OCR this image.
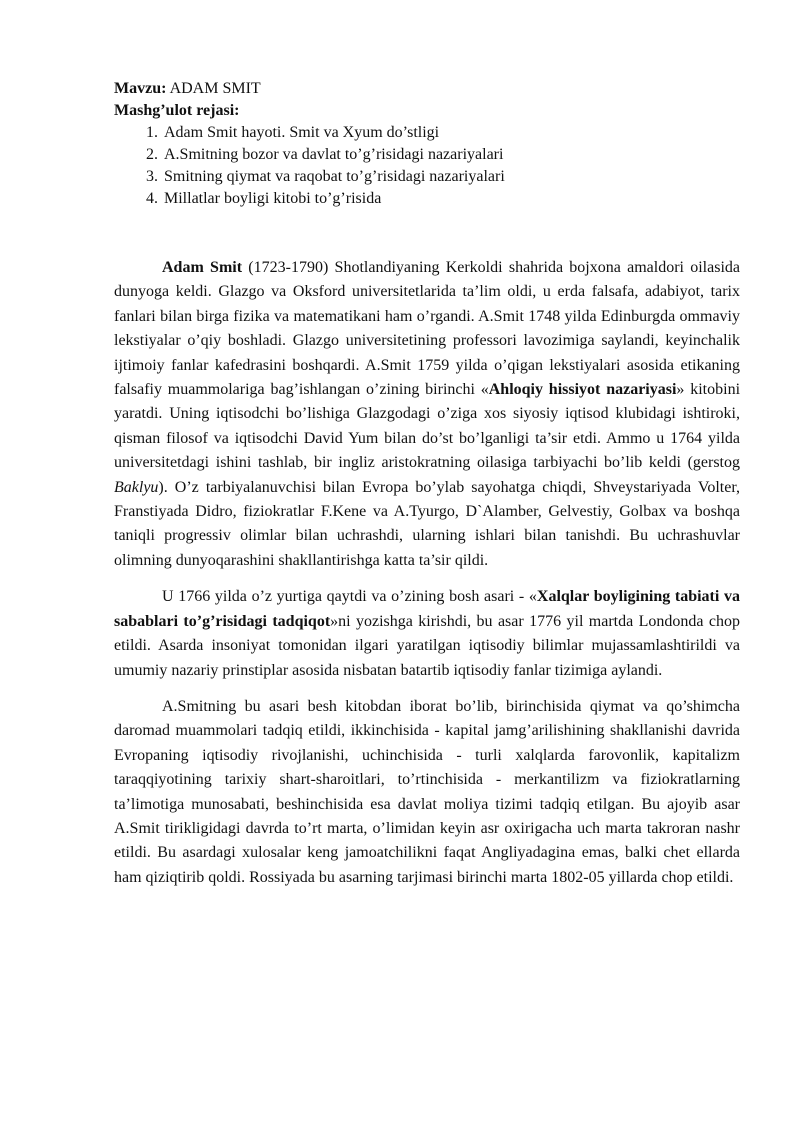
Mavzu: ADAM SMIT
Mashg’ulot rejasi:
1. Adam Smit hayoti. Smit va Xyum do’stligi
2. A.Smitning bozor va davlat to’g’risidagi nazariyalari
3. Smitning qiymat va raqobat to’g’risidagi nazariyalari
4. Millatlar boyligi kitobi to’g’risida

Adam Smit (1723-1790) Shotlandiyaning Kerkoldi shahrida bojxona amaldori oilasida dunyoga keldi. Glazgo va Oksford universitetlarida ta’lim oldi, u erda falsafa, adabiyot, tarix fanlari bilan birga fizika va matematikani ham o’rgandi. A.Smit 1748 yilda Edinburgda ommaviy lekstiyalar o’qiy boshladi. Glazgo universitetining professori lavozimiga saylandi, keyinchalik ijtimoiy fanlar kafedrasini boshqardi. A.Smit 1759 yilda o’qigan lekstiyalari asosida etikaning falsafiy muammolariga bag’ishlangan o’zining birinchi «Ahloqiy hissiyot nazariyasi» kitobini yaratdi. Uning iqtisodchi bo’lishiga Glazgodagi o’ziga xos siyosiy iqtisod klubidagi ishtiroki, qisman filosof va iqtisodchi David Yum bilan do’st bo’lganligi ta’sir etdi. Ammo u 1764 yilda universitetdagi ishini tashlab, bir ingliz aristokratning oilasiga tarbiyachi bo’lib keldi (gerstog Baklyu). O’z tarbiyalanuvchisi bilan Evropa bo’ylab sayohatga chiqdi, Shveystariyada Volter, Franstiyada Didro, fiziokratlar F.Kene va A.Tyurgo, D`Alamber, Gelvestiy, Golbax va boshqa taniqli progressiv olimlar bilan uchrashdi, ularning ishlari bilan tanishdi. Bu uchrashuvlar olimning dunyoqarashini shakllantirishga katta ta’sir qildi.

U 1766 yilda o’z yurtiga qaytdi va o’zining bosh asari - «Xalqlar boyligining tabiati va sabablari to’g’risidagi tadqiqot»ni yozishga kirishdi, bu asar 1776 yil martda Londonda chop etildi. Asarda insoniyat tomonidan ilgari yaratilgan iqtisodiy bilimlar mujassamlashtirildi va umumiy nazariy prinstiplar asosida nisbatan batartib iqtisodiy fanlar tizimiga aylandi.

A.Smitning bu asari besh kitobdan iborat bo’lib, birinchisida qiymat va qo’shimcha daromad muammolari tadqiq etildi, ikkinchisida - kapital jamg’arilishining shakllanishi davrida Evropaning iqtisodiy rivojlanishi, uchinchisida - turli xalqlarda farovonlik, kapitalizm taraqqiyotining tarixiy shart-sharoitlari, to’rtinchisida - merkantilizm va fiziokratlarning ta’limotiga munosabati, beshinchisida esa davlat moliya tizimi tadqiq etilgan. Bu ajoyib asar A.Smit tirikligidagi davrda to’rt marta, o’limidan keyin asr oxirigacha uch marta takroran nashr etildi. Bu asardagi xulosalar keng jamoatchilikni faqat Angliyadagina emas, balki chet ellarda ham qiziqtirib qoldi. Rossiyada bu asarning tarjimasi birinchi marta 1802-05 yillarda chop etildi.
